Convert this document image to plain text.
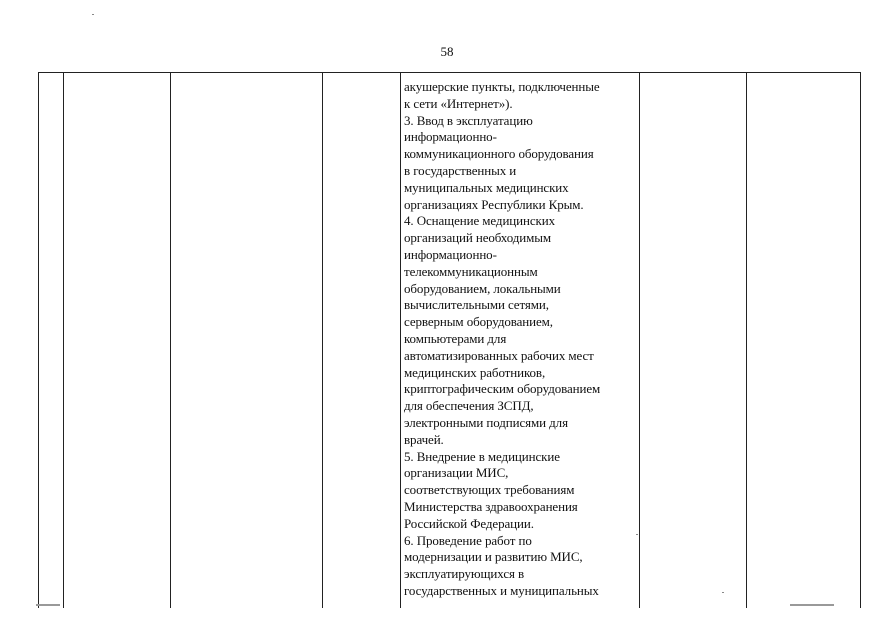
58
акушерские пункты, подключенные
к сети «Интернет»).
3. Ввод в эксплуатацию
информационно-
коммуникационного оборудования
в государственных и
муниципальных медицинских
организациях Республики Крым.
4. Оснащение медицинских
организаций необходимым
информационно-
телекоммуникационным
оборудованием, локальными
вычислительными сетями,
серверным оборудованием,
компьютерами для
автоматизированных рабочих мест
медицинских работников,
криптографическим оборудованием
для обеспечения ЗСПД,
электронными подписями для
врачей.
5. Внедрение в медицинские
организации МИС,
соответствующих требованиям
Министерства здравоохранения
Российской Федерации.
6. Проведение работ по
модернизации и развитию МИС,
эксплуатирующихся в
государственных и муниципальных
